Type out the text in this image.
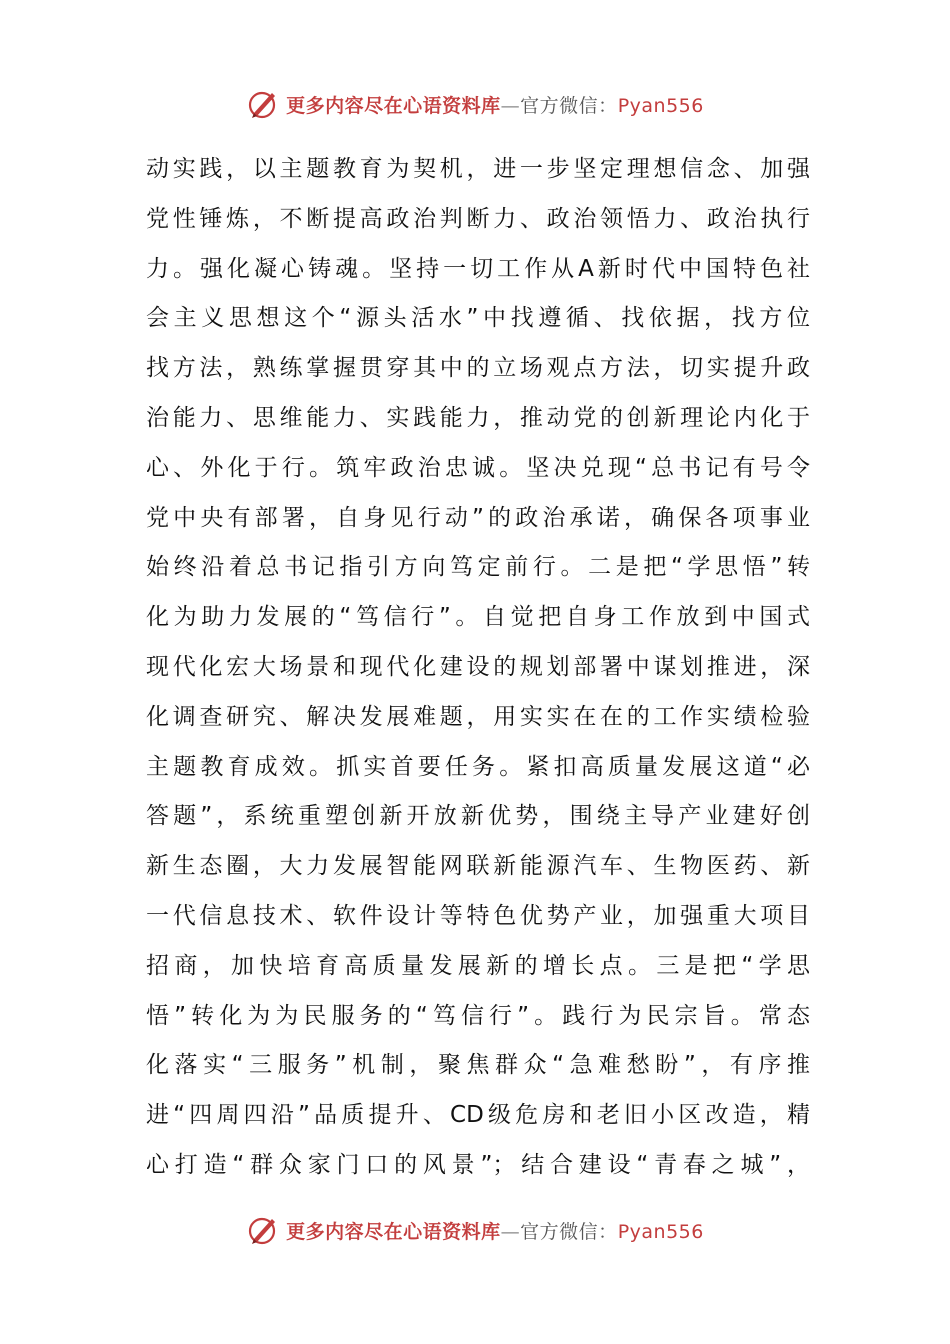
更多内容尽在心语资料库—官方微信：Pyan556
动实践，以主题教育为契机，进一步坚定理想信念、加强
党性锤炼，不断提高政治判断力、政治领悟力、政治执行
力。强化凝心铸魂。坚持一切工作从A新时代中国特色社
会主义思想这个“源头活水”中找遵循、找依据，找方位
找方法，熟练掌握贯穿其中的立场观点方法，切实提升政
治能力、思维能力、实践能力，推动党的创新理论内化于
心、外化于行。筑牢政治忠诚。坚决兑现“总书记有号令
党中央有部署，自身见行动”的政治承诺，确保各项事业
始终沿着总书记指引方向笃定前行。二是把“学思悟”转
化为助力发展的“笃信行”。自觉把自身工作放到中国式
现代化宏大场景和现代化建设的规划部署中谋划推进，深
化调查研究、解决发展难题，用实实在在的工作实绩检验
主题教育成效。抓实首要任务。紧扣高质量发展这道“必
答题”，系统重塑创新开放新优势，围绕主导产业建好创
新生态圈，大力发展智能网联新能源汽车、生物医药、新
一代信息技术、软件设计等特色优势产业，加强重大项目
招商，加快培育高质量发展新的增长点。三是把“学思
悟”转化为为民服务的“笃信行”。践行为民宗旨。常态
化落实“三服务”机制，聚焦群众“急难愁盼”，有序推
进“四周四沿”品质提升、CD级危房和老旧小区改造，精
心打造“群众家门口的风景”；结合建设“青春之城”，
更多内容尽在心语资料库—官方微信：Pyan556
